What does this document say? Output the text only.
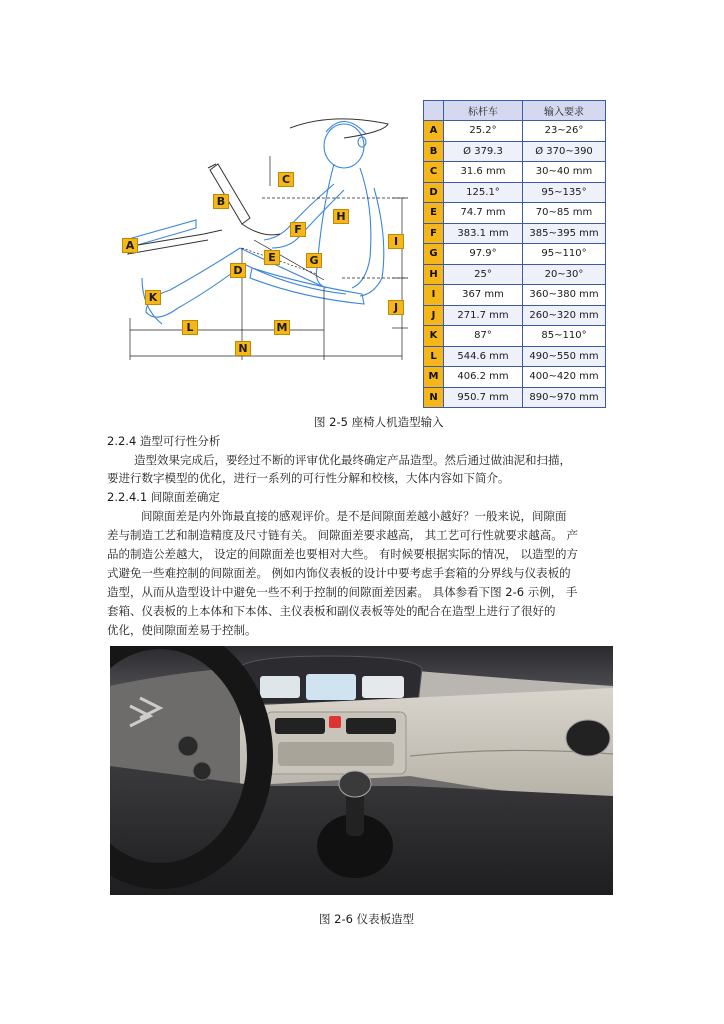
A
B
C
D
E
F
G
H
I
J
K
L	M
N
	标杆车	输入要求
A	25.2°	23~26°
B	Ø 379.3	Ø 370~390
C	31.6 mm	30~40 mm
D	125.1°	95~135°
E	74.7 mm	70~85 mm
F	383.1 mm	385~395 mm
G	97.9°	95~110°
H	25°	20~30°
I	367 mm	360~380 mm
J	271.7 mm	260~320 mm
K	87°	85~110°
L	544.6 mm	490~550 mm
M	406.2 mm	400~420 mm
N	950.7 mm	890~970 mm
图 2-5 座椅人机造型输入
2.2.4 造型可行性分析
造型效果完成后，要经过不断的评审优化最终确定产品造型。然后通过做油泥和扫描，
要进行数字模型的优化，进行一系列的可行性分解和校核，大体内容如下简介。
2.2.4.1 间隙面差确定
间隙面差是内外饰最直接的感观评价。是不是间隙面差越小越好？一般来说，间隙面
差与制造工艺和制造精度及尺寸链有关。 间隙面差要求越高， 其工艺可行性就要求越高。 产
品的制造公差越大， 设定的间隙面差也要相对大些。 有时候要根据实际的情况， 以造型的方
式避免一些难控制的间隙面差。 例如内饰仪表板的设计中要考虑手套箱的分界线与仪表板的
造型，从而从造型设计中避免一些不利于控制的间隙面差因素。 具体参看下图 2-6 示例， 手
套箱、仪表板的上本体和下本体、主仪表板和副仪表板等处的配合在造型上进行了很好的
优化，使间隙面差易于控制。
图 2-6 仪表板造型
